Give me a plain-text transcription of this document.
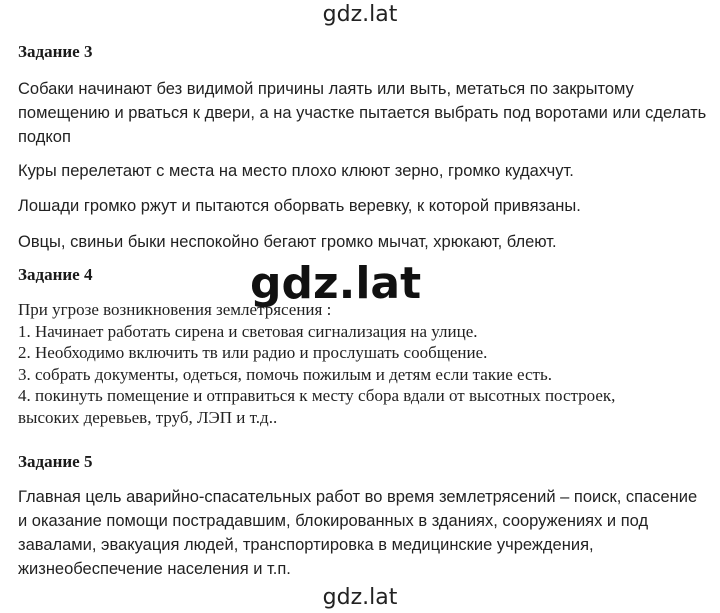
gdz.lat
Задание 3
Собаки начинают без видимой причины лаять или выть, метаться по закрытому помещению и рваться к двери, а на участке пытается выбрать под воротами или сделать подкоп
Куры перелетают с места на место плохо клюют зерно, громко кудахчут.
Лошади громко ржут и пытаются оборвать веревку, к которой привязаны.
Овцы, свиньи быки неспокойно бегают громко мычат, хрюкают, блеют.
Задание 4
При угрозе возникновения землетрясения :
1. Начинает работать сирена и световая сигнализация на улице.
2. Необходимо включить тв или радио и прослушать сообщение.
3. собрать документы, одеться, помочь пожилым и детям если такие есть.
4. покинуть помещение и отправиться к месту сбора вдали от высотных построек,
высоких деревьев, труб, ЛЭП и т.д..
Задание 5
Главная цель аварийно-спасательных работ во время землетрясений – поиск, спасение и оказание помощи пострадавшим, блокированных в зданиях, сооружениях и под завалами, эвакуация людей, транспортировка в медицинские учреждения, жизнеобеспечение населения и т.п.
gdz.lat
gdz.lat
